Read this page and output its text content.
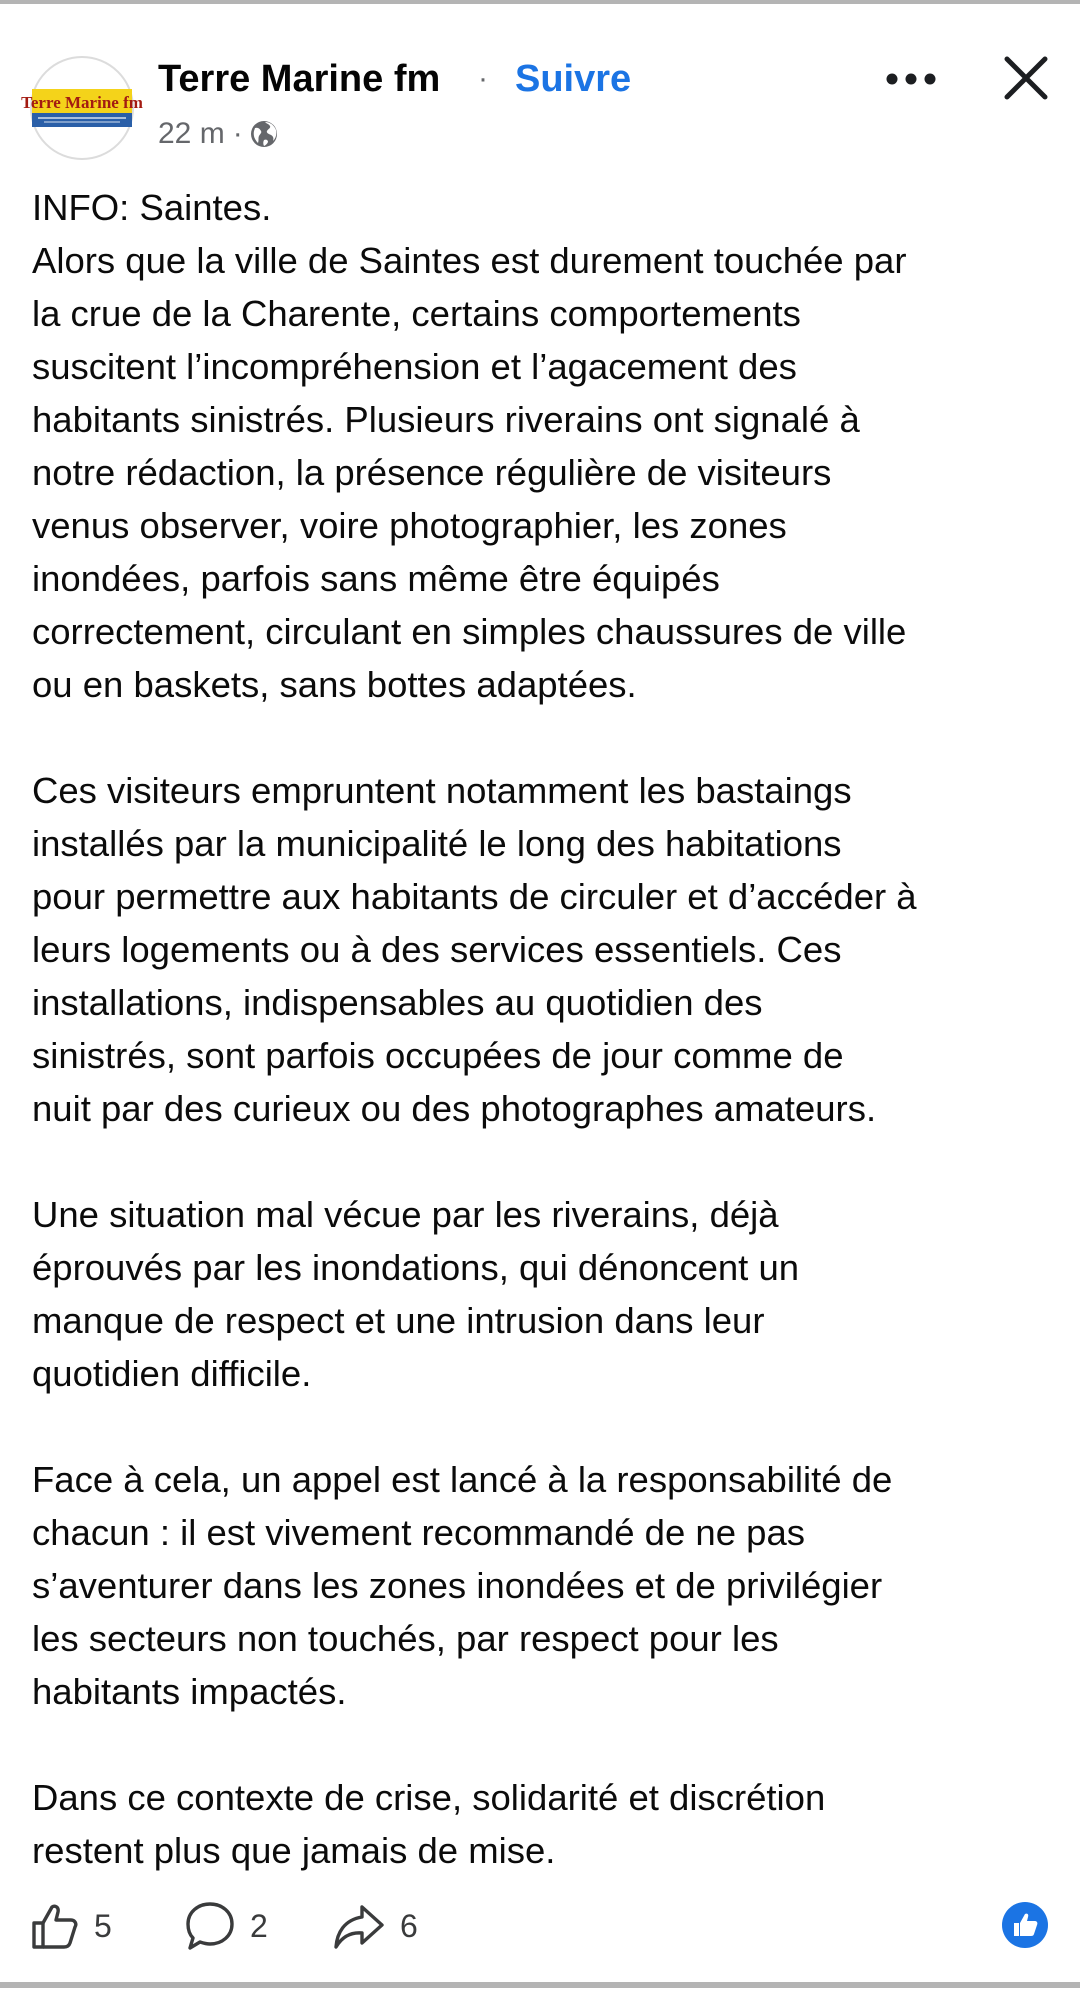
Terre Marine fm
Terre Marine fm · Suivre
22 m ·

INFO: Saintes.
Alors que la ville de Saintes est durement touchée par
la crue de la Charente, certains comportements
suscitent l’incompréhension et l’agacement des
habitants sinistrés. Plusieurs riverains ont signalé à
notre rédaction, la présence régulière de visiteurs
venus observer, voire photographier, les zones
inondées, parfois sans même être équipés
correctement, circulant en simples chaussures de ville
ou en baskets, sans bottes adaptées.

Ces visiteurs empruntent notamment les bastaings
installés par la municipalité le long des habitations
pour permettre aux habitants de circuler et d’accéder à
leurs logements ou à des services essentiels. Ces
installations, indispensables au quotidien des
sinistrés, sont parfois occupées de jour comme de
nuit par des curieux ou des photographes amateurs.

Une situation mal vécue par les riverains, déjà
éprouvés par les inondations, qui dénoncent un
manque de respect et une intrusion dans leur
quotidien difficile.

Face à cela, un appel est lancé à la responsabilité de
chacun : il est vivement recommandé de ne pas
s’aventurer dans les zones inondées et de privilégier
les secteurs non touchés, par respect pour les
habitants impactés.

Dans ce contexte de crise, solidarité et discrétion
restent plus que jamais de mise.

5	2	6
